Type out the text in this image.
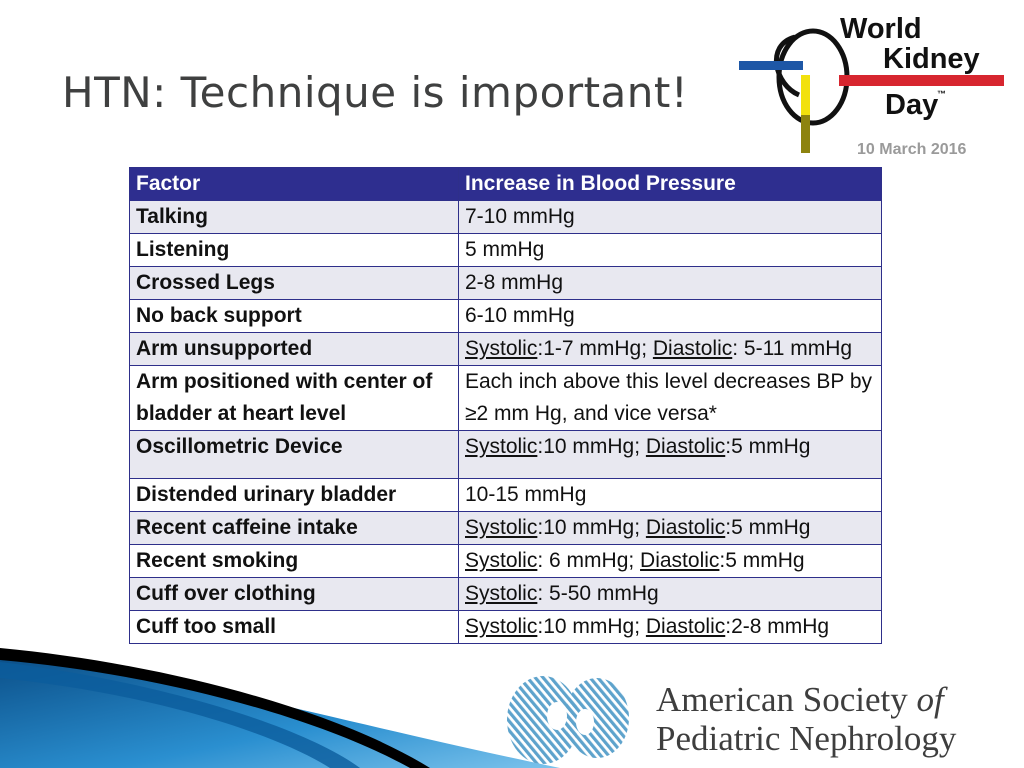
HTN: Technique is important!
World
Kidney
Day
™
10 March 2016
Factor	Increase in Blood Pressure
Talking	7-10 mmHg
Listening	5 mmHg
Crossed Legs	2-8 mmHg
No back support	6-10 mmHg
Arm unsupported	Systolic:1-7 mmHg; Diastolic: 5-11 mmHg
Arm positioned with center of bladder at heart level	Each inch above this level decreases BP by ≥2 mm Hg, and vice versa*
Oscillometric Device	Systolic:10 mmHg; Diastolic:5 mmHg
Distended urinary bladder	10-15 mmHg
Recent caffeine intake	Systolic:10 mmHg; Diastolic:5 mmHg
Recent smoking	Systolic: 6 mmHg; Diastolic:5 mmHg
Cuff over clothing	Systolic: 5-50 mmHg
Cuff too small	Systolic:10 mmHg; Diastolic:2-8 mmHg
American Society of
Pediatric Nephrology
